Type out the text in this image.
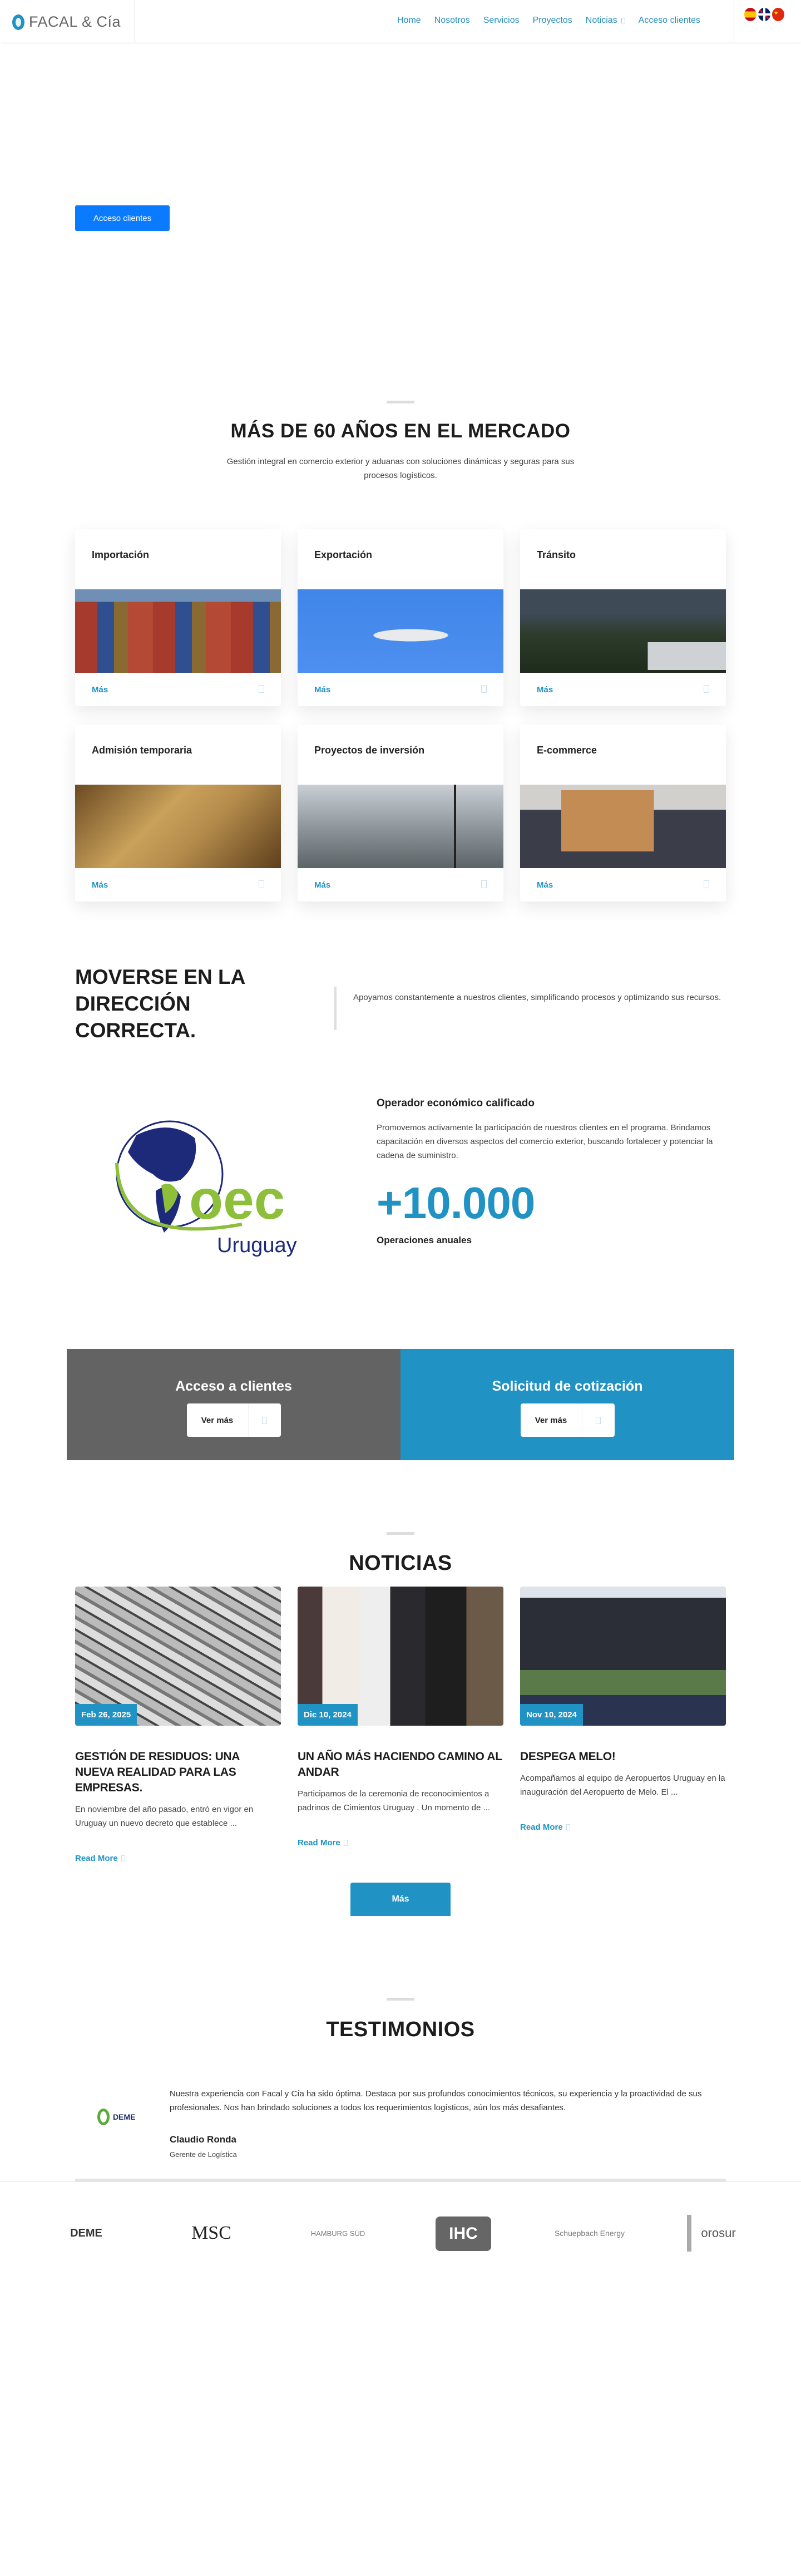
FACAL & Cía	Home Nosotros Servicios Proyectos Noticias Acceso clientes
★
Acceso clientes
MÁS DE 60 AÑOS EN EL MERCADO

Gestión integral en comercio exterior y aduanas con soluciones dinámicas y seguras para sus procesos logísticos.

Importación
Más
Exportación
Más
Tránsito
Más
Admisión temporaria
Más
Proyectos de inversión
Más
E-commerce
Más
MOVERSE EN LA DIRECCIÓN CORRECTA.

Apoyamos constantemente a nuestros clientes, simplificando procesos y optimizando sus recursos.

oec
Uruguay
Operador económico calificado

Promovemos activamente la participación de nuestros clientes en el programa. Brindamos capacitación en diversos aspectos del comercio exterior, buscando fortalecer y potenciar la cadena de suministro.

+10.000
Operaciones anuales
Acceso a clientes
Ver más
Solicitud de cotización
Ver más
NOTICIAS
Feb 26, 2025
GESTIÓN DE RESIDUOS: UNA NUEVA REALIDAD PARA LAS EMPRESAS.

En noviembre del año pasado, entró en vigor en Uruguay un nuevo decreto que establece ...

Read More
Dic 10, 2024
UN AÑO MÁS HACIENDO CAMINO AL ANDAR

Participamos de la ceremonia de reconocimientos a padrinos de Cimientos Uruguay . Un momento de ...

Read More
Nov 10, 2024
DESPEGA MELO!

Acompañamos al equipo de Aeropuertos Uruguay en la inauguración del Aeropuerto de Melo. El ...

Read More
Más
TESTIMONIOS
DEME

Nuestra experiencia con Facal y Cía ha sido óptima. Destaca por sus profundos conocimientos técnicos, su experiencia y la proactividad de sus profesionales. Nos han brindado soluciones a todos los requerimientos logísticos, aún los más desafiantes.

Claudio Ronda
Gerente de Logística
DEME	MSC	HAMBURG SÜD	IHC	Schuepbach Energy	orosur
